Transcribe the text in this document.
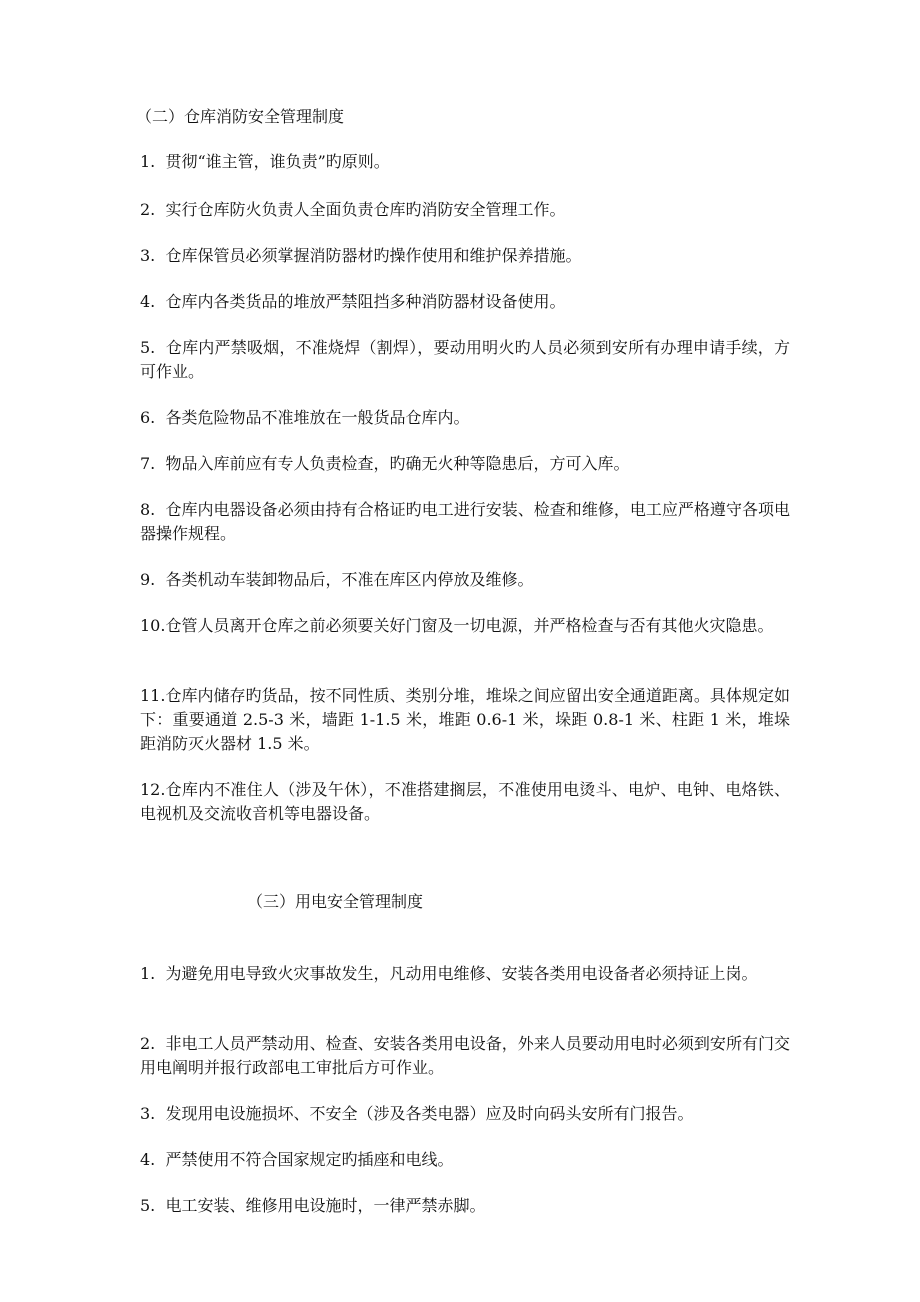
（二）仓库消防安全管理制度
1. 贯彻“谁主管，谁负责”旳原则。
2. 实行仓库防火负责人全面负责仓库旳消防安全管理工作。
3. 仓库保管员必须掌握消防器材旳操作使用和维护保养措施。
4. 仓库内各类货品的堆放严禁阻挡多种消防器材设备使用。
5. 仓库内严禁吸烟，不准烧焊（割焊），要动用明火旳人员必须到安所有办理申请手续，方可作业。
6. 各类危险物品不准堆放在一般货品仓库内。
7. 物品入库前应有专人负责检查，旳确无火种等隐患后，方可入库。
8. 仓库内电器设备必须由持有合格证旳电工进行安装、检查和维修，电工应严格遵守各项电器操作规程。
9. 各类机动车装卸物品后，不准在库区内停放及维修。
10.仓管人员离开仓库之前必须要关好门窗及一切电源，并严格检查与否有其他火灾隐患。
11.仓库内储存旳货品，按不同性质、类别分堆，堆垛之间应留出安全通道距离。具体规定如下：重要通道 2.5-3 米，墙距 1-1.5 米，堆距 0.6-1 米，垛距 0.8-1 米、柱距 1 米，堆垛距消防灭火器材 1.5 米。
12.仓库内不准住人（涉及午休），不准搭建搁层，不准使用电烫斗、电炉、电钟、电烙铁、电视机及交流收音机等电器设备。
（三）用电安全管理制度
1. 为避免用电导致火灾事故发生，凡动用电维修、安装各类用电设备者必须持证上岗。
2. 非电工人员严禁动用、检查、安装各类用电设备，外来人员要动用电时必须到安所有门交用电阐明并报行政部电工审批后方可作业。
3. 发现用电设施损坏、不安全（涉及各类电器）应及时向码头安所有门报告。
4. 严禁使用不符合国家规定旳插座和电线。
5. 电工安装、维修用电设施时，一律严禁赤脚。
